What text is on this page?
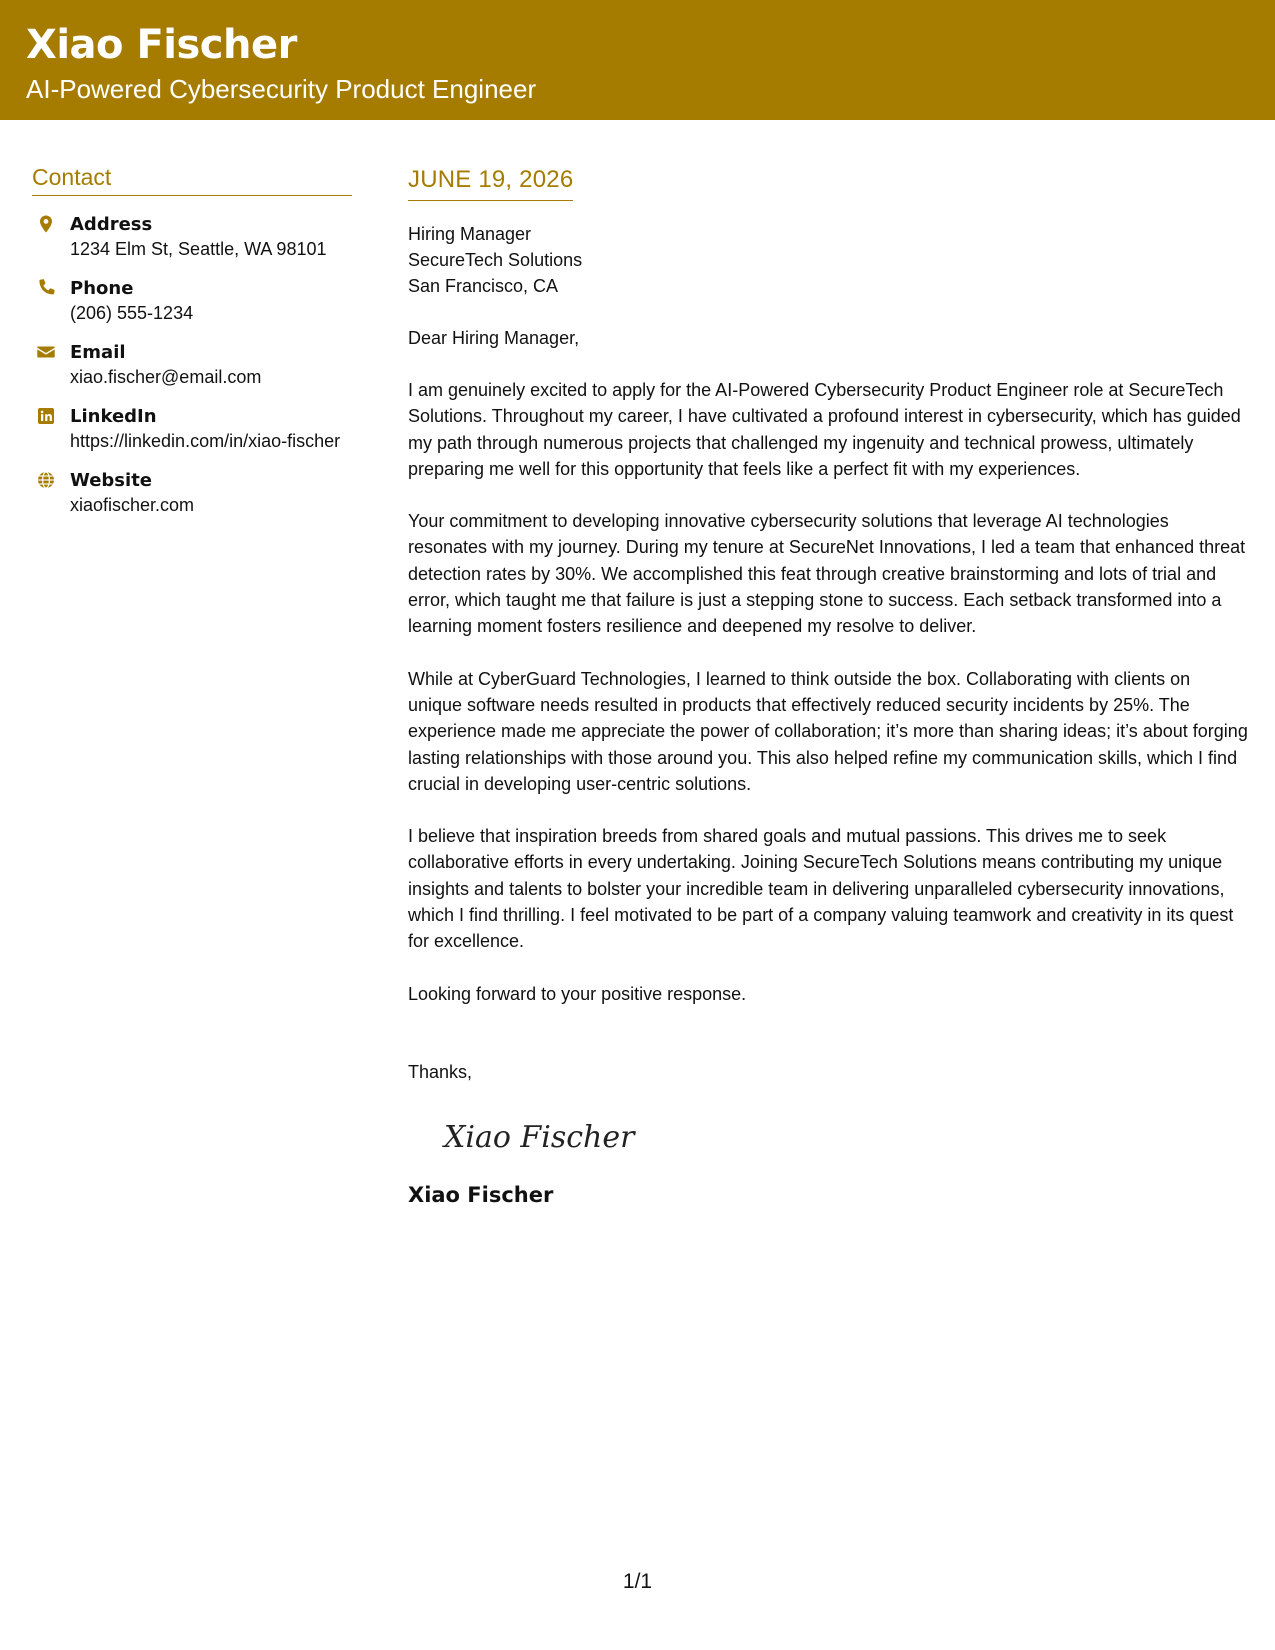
Xiao Fischer
AI-Powered Cybersecurity Product Engineer
Contact
Address
1234 Elm St, Seattle, WA 98101
Phone
(206) 555-1234
Email
xiao.fischer@email.com
LinkedIn
https://linkedin.com/in/xiao-fischer
Website
xiaofischer.com
JUNE 19, 2026
Hiring Manager
SecureTech Solutions
San Francisco, CA
Dear Hiring Manager,
I am genuinely excited to apply for the AI-Powered Cybersecurity Product Engineer role at SecureTech Solutions. Throughout my career, I have cultivated a profound interest in cybersecurity, which has guided my path through numerous projects that challenged my ingenuity and technical prowess, ultimately preparing me well for this opportunity that feels like a perfect fit with my experiences.
Your commitment to developing innovative cybersecurity solutions that leverage AI technologies resonates with my journey. During my tenure at SecureNet Innovations, I led a team that enhanced threat detection rates by 30%. We accomplished this feat through creative brainstorming and lots of trial and error, which taught me that failure is just a stepping stone to success. Each setback transformed into a learning moment fosters resilience and deepened my resolve to deliver.
While at CyberGuard Technologies, I learned to think outside the box. Collaborating with clients on unique software needs resulted in products that effectively reduced security incidents by 25%. The experience made me appreciate the power of collaboration; it’s more than sharing ideas; it’s about forging lasting relationships with those around you. This also helped refine my communication skills, which I find crucial in developing user-centric solutions.
I believe that inspiration breeds from shared goals and mutual passions. This drives me to seek collaborative efforts in every undertaking. Joining SecureTech Solutions means contributing my unique insights and talents to bolster your incredible team in delivering unparalleled cybersecurity innovations, which I find thrilling. I feel motivated to be part of a company valuing teamwork and creativity in its quest for excellence.
Looking forward to your positive response.
Thanks,
Xiao Fischer
Xiao Fischer
1/1
